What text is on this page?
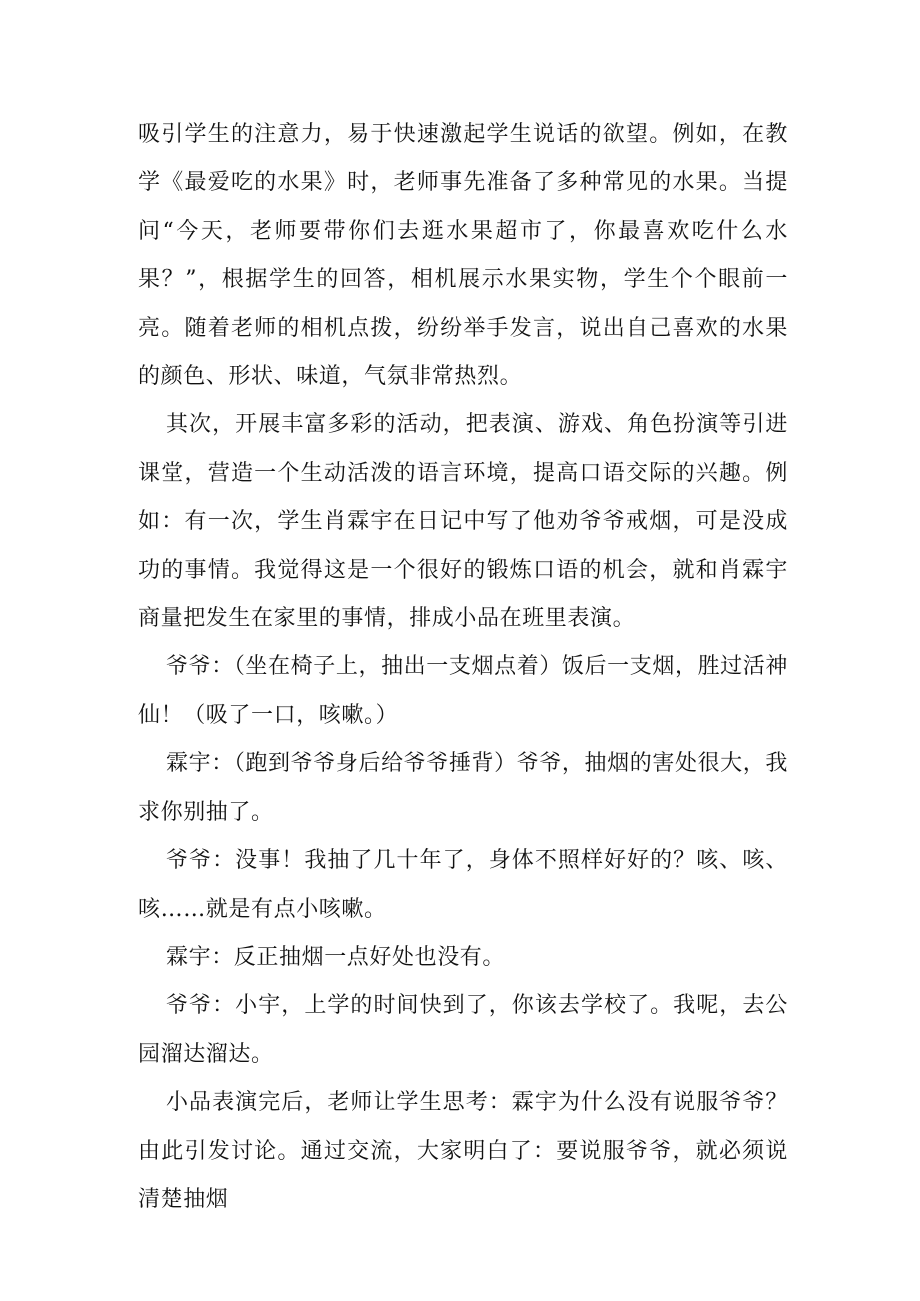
吸引学生的注意力，易于快速激起学生说话的欲望。例如，在教学《最爱吃的水果》时，老师事先准备了多种常见的水果。当提问“今天，老师要带你们去逛水果超市了，你最喜欢吃什么水果？”，根据学生的回答，相机展示水果实物，学生个个眼前一亮。随着老师的相机点拨，纷纷举手发言，说出自己喜欢的水果的颜色、形状、味道，气氛非常热烈。

其次，开展丰富多彩的活动，把表演、游戏、角色扮演等引进课堂，营造一个生动活泼的语言环境，提高口语交际的兴趣。例如：有一次，学生肖霖宇在日记中写了他劝爷爷戒烟，可是没成功的事情。我觉得这是一个很好的锻炼口语的机会，就和肖霖宇商量把发生在家里的事情，排成小品在班里表演。

爷爷：（坐在椅子上，抽出一支烟点着）饭后一支烟，胜过活神仙！（吸了一口，咳嗽。）

霖宇：（跑到爷爷身后给爷爷捶背）爷爷，抽烟的害处很大，我求你别抽了。

爷爷：没事！我抽了几十年了，身体不照样好好的？咳、咳、咳……就是有点小咳嗽。

霖宇：反正抽烟一点好处也没有。

爷爷：小宇，上学的时间快到了，你该去学校了。我呢，去公园溜达溜达。

小品表演完后，老师让学生思考：霖宇为什么没有说服爷爷？由此引发讨论。通过交流，大家明白了：要说服爷爷，就必须说清楚抽烟
